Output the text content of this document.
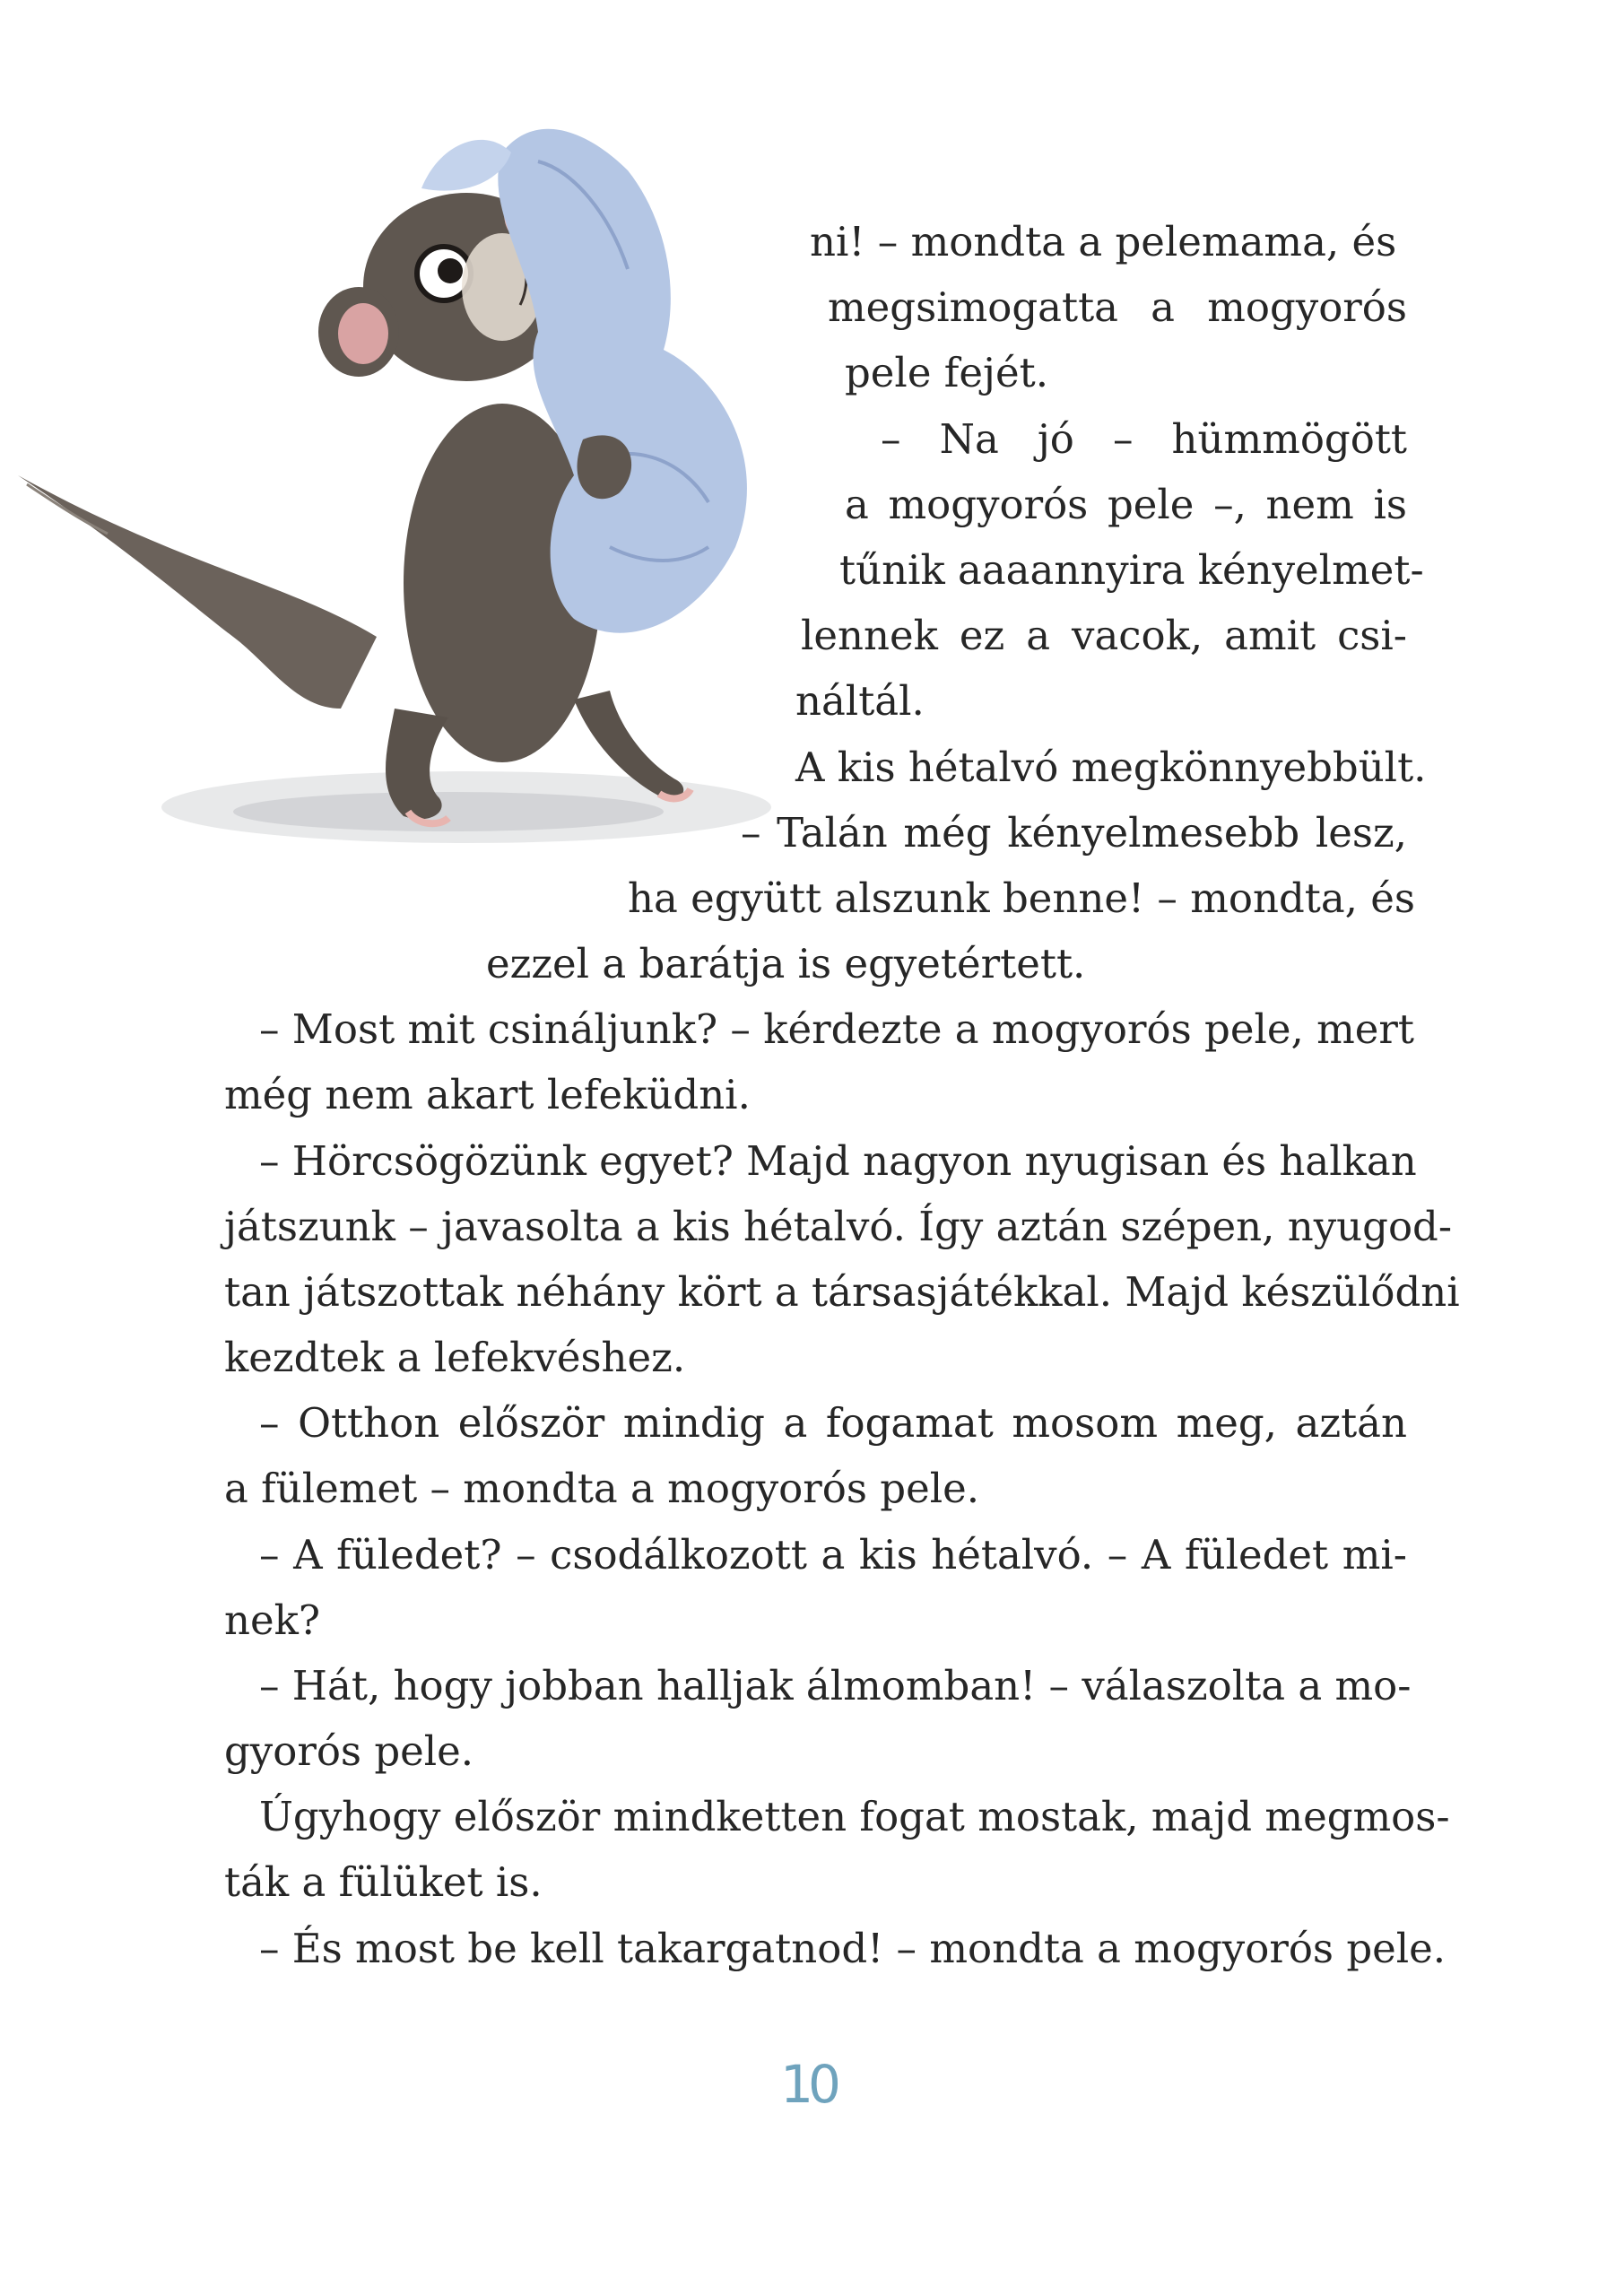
ni! – mondta a pelemama, és
megsimogatta a mogyorós
pele fejét.
– Na jó – hümmögött
a mogyorós pele –, nem is
tűnik aaaannyira kényelmet-
lennek ez a vacok, amit csi-
náltál.
A kis hétalvó megkönnyebbült.
– Talán még kényelmesebb lesz,
ha együtt alszunk benne! – mondta, és
ezzel a barátja is egyetértett.
– Most mit csináljunk? – kérdezte a mogyorós pele, mert
még nem akart lefeküdni.
– Hörcsögözünk egyet? Majd nagyon nyugisan és halkan
játszunk – javasolta a kis hétalvó. Így aztán szépen, nyugod-
tan játszottak néhány kört a társasjátékkal. Majd készülődni
kezdtek a lefekvéshez.
– Otthon először mindig a fogamat mosom meg, aztán
a fülemet – mondta a mogyorós pele.
– A füledet? – csodálkozott a kis hétalvó. – A füledet mi-
nek?
– Hát, hogy jobban halljak álmomban! – válaszolta a mo-
gyorós pele.
Úgyhogy először mindketten fogat mostak, majd megmos-
ták a fülüket is.
– És most be kell takargatnod! – mondta a mogyorós pele.
10
